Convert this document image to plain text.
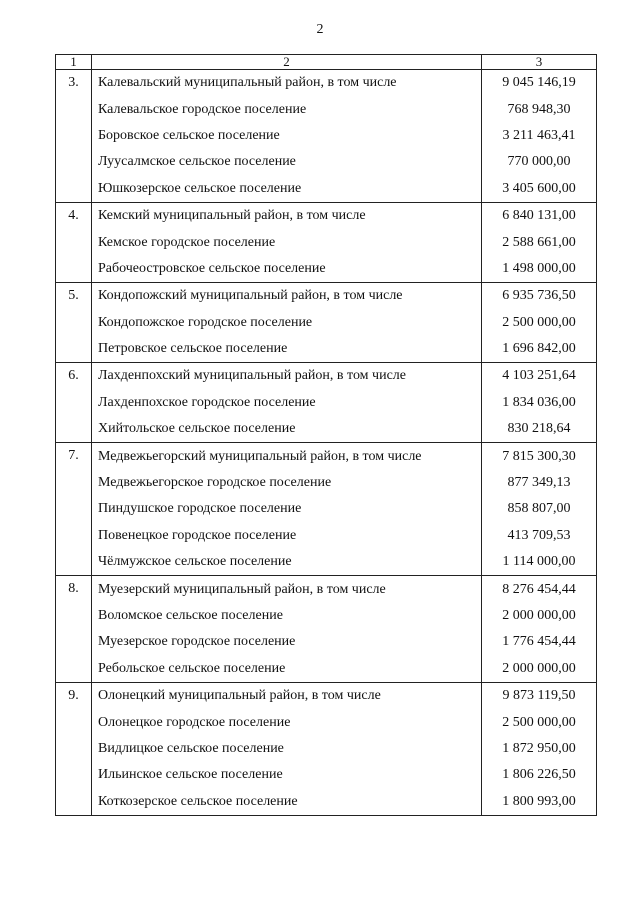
2
1	2	3
3.	Калевальский муниципальный район, в том числе	9 045 146,19
	Калевальское городское поселение	768 948,30
	Боровское сельское поселение	3 211 463,41
	Луусалмское сельское поселение	770 000,00
	Юшкозерское сельское поселение	3 405 600,00
4.	Кемский муниципальный район, в том числе	6 840 131,00
	Кемское городское поселение	2 588 661,00
	Рабочеостровское сельское поселение	1 498 000,00
5.	Кондопожский муниципальный район, в том числе	6 935 736,50
	Кондопожское городское поселение	2 500 000,00
	Петровское сельское поселение	1 696 842,00
6.	Лахденпохский муниципальный район, в том числе	4 103 251,64
	Лахденпохское городское поселение	1 834 036,00
	Хийтольское сельское поселение	830 218,64
7.	Медвежьегорский муниципальный район, в том числе	7 815 300,30
	Медвежьегорское городское поселение	877 349,13
	Пиндушское городское поселение	858 807,00
	Повенецкое городское поселение	413 709,53
	Чёлмужское сельское поселение	1 114 000,00
8.	Муезерский муниципальный район, в том числе	8 276 454,44
	Воломское сельское поселение	2 000 000,00
	Муезерское городское поселение	1 776 454,44
	Ребольское сельское поселение	2 000 000,00
9.	Олонецкий муниципальный район, в том числе	9 873 119,50
	Олонецкое городское поселение	2 500 000,00
	Видлицкое сельское поселение	1 872 950,00
	Ильинское сельское поселение	1 806 226,50
	Коткозерское сельское поселение	1 800 993,00
